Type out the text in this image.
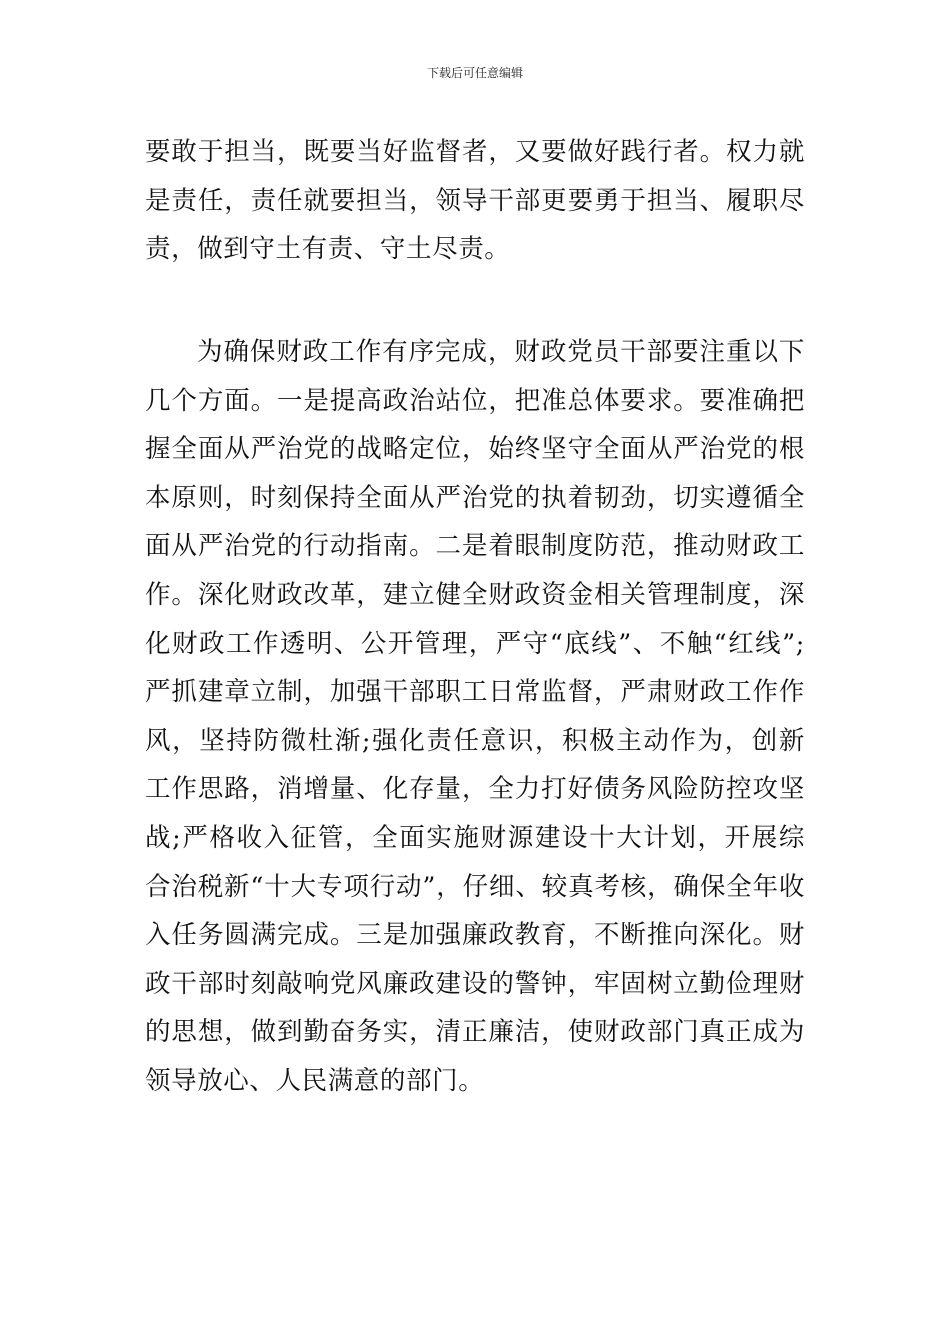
下载后可任意编辑

要敢于担当，既要当好监督者，又要做好践行者。权力就是责任，责任就要担当，领导干部更要勇于担当、履职尽责，做到守土有责、守土尽责。

为确保财政工作有序完成，财政党员干部要注重以下几个方面。一是提高政治站位，把准总体要求。要准确把握全面从严治党的战略定位，始终坚守全面从严治党的根本原则，时刻保持全面从严治党的执着韧劲，切实遵循全面从严治党的行动指南。二是着眼制度防范，推动财政工作。深化财政改革，建立健全财政资金相关管理制度，深化财政工作透明、公开管理，严守“底线”、不触“红线”;严抓建章立制，加强干部职工日常监督，严肃财政工作作风，坚持防微杜渐;强化责任意识，积极主动作为，创新工作思路，消增量、化存量，全力打好债务风险防控攻坚战;严格收入征管，全面实施财源建设十大计划，开展综合治税新“十大专项行动”，仔细、较真考核，确保全年收入任务圆满完成。三是加强廉政教育，不断推向深化。财政干部时刻敲响党风廉政建设的警钟，牢固树立勤俭理财的思想，做到勤奋务实，清正廉洁，使财政部门真正成为领导放心、人民满意的部门。
